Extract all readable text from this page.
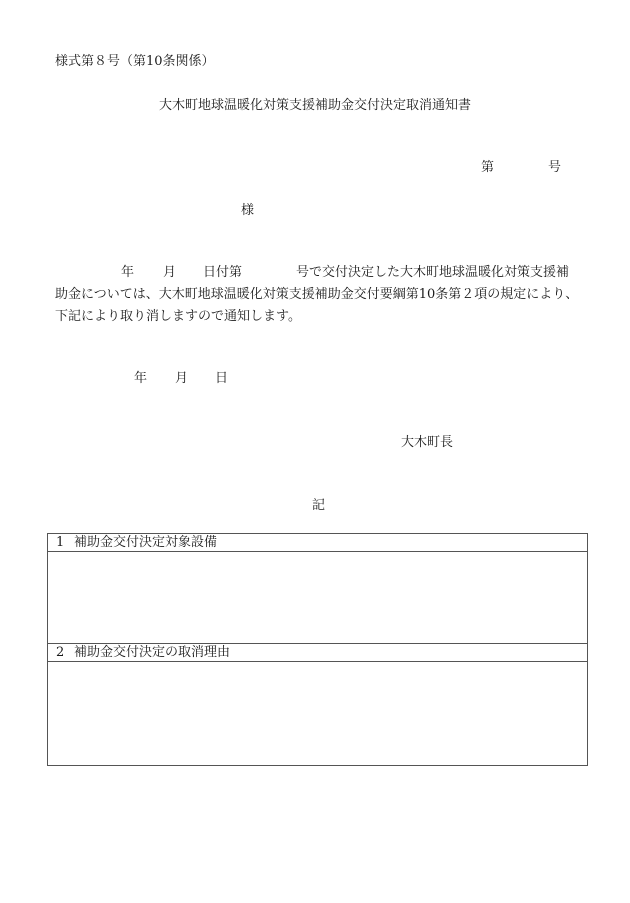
様式第８号（第10条関係）
大木町地球温暖化対策支援補助金交付決定取消通知書
第	号
様
年 月 日付第	号で交付決定した大木町地球温暖化対策支援補
助金については、大木町地球温暖化対策支援補助金交付要綱第10条第２項の規定により、
下記により取り消しますので通知します。
年 月 日
大木町長
記
1 補助金交付決定対象設備
2 補助金交付決定の取消理由
